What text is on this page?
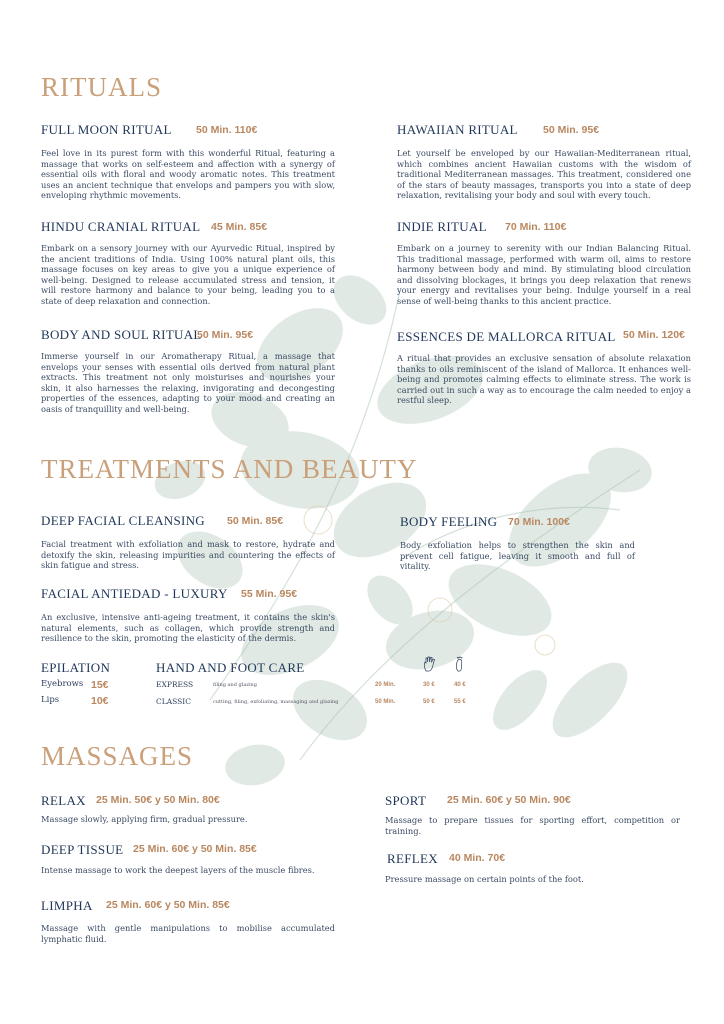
RITUALS
FULL MOON RITUAL 50 Min. 110€

Feel love in its purest form with this wonderful Ritual, featuring a massage that works on self-esteem and affection with a synergy of essential oils with floral and woody aromatic notes. This treatment uses an ancient technique that envelops and pampers you with slow, enveloping rhythmic movements.

HINDU CRANIAL RITUAL 45 Min. 85€

Embark on a sensory journey with our Ayurvedic Ritual, inspired by the ancient traditions of India. Using 100% natural plant oils, this massage focuses on key areas to give you a unique experience of well-being. Designed to release accumulated stress and tension, it will restore harmony and balance to your being, leading you to a state of deep relaxation and connection.

BODY AND SOUL RITUAL
50 Min. 95€

Immerse yourself in our Aromatherapy Ritual, a massage that envelops your senses with essential oils derived from natural plant extracts. This treatment not only moisturises and nourishes your skin, it also harnesses the relaxing, invigorating and decongesting properties of the essences, adapting to your mood and creating an oasis of tranquillity and well-being.

HAWAIIAN RITUAL 50 Min. 95€

Let yourself be enveloped by our Hawaiian-Mediterranean ritual, which combines ancient Hawaiian customs with the wisdom of traditional Mediterranean massages. This treatment, considered one of the stars of beauty massages, transports you into a state of deep relaxation, revitalising your body and soul with every touch.

INDIE RITUAL 70 Min. 110€

Embark on a journey to serenity with our Indian Balancing Ritual. This traditional massage, performed with warm oil, aims to restore harmony between body and mind. By stimulating blood circulation and dissolving blockages, it brings you deep relaxation that renews your energy and revitalises your being. Indulge yourself in a real sense of well-being thanks to this ancient practice.

ESSENCES DE MALLORCA RITUAL 50 Min. 120€

A ritual that provides an exclusive sensation of absolute relaxation thanks to oils reminiscent of the island of Mallorca. It enhances well-being and promotes calming effects to eliminate stress. The work is carried out in such a way as to encourage the calm needed to enjoy a restful sleep.

TREATMENTS AND BEAUTY
DEEP FACIAL CLEANSING 50 Min. 85€

Facial treatment with exfoliation and mask to restore, hydrate and detoxify the skin, releasing impurities and countering the effects of skin fatigue and stress.

FACIAL ANTIEDAD - LUXURY 55 Min. 95€

An exclusive, intensive anti-ageing treatment, it contains the skin's natural elements, such as collagen, which provide strength and resilience to the skin, promoting the elasticity of the dermis.

BODY FEELING 70 Min. 100€

Body exfoliation helps to strengthen the skin and prevent cell fatigue, leaving it smooth and full of vitality.

EPILATION
Eyebrows 15€
Lips	10€
HAND AND FOOT CARE
EXPRESS	filing and glazing	20 Min.	30 €	40 €
CLASSIC	cutting, filing, exfoliating, massaging and glazing	50 Min.	50 €	55 €
MASSAGES
RELAX 25 Min. 50€ y 50 Min. 80€

Massage slowly, applying firm, gradual pressure.

DEEP TISSUE 25 Min. 60€ y 50 Min. 85€

Intense massage to work the deepest layers of the muscle fibres.

LIMPHA 25 Min. 60€ y 50 Min. 85€

Massage with gentle manipulations to mobilise accumulated lymphatic fluid.

SPORT 25 Min. 60€ y 50 Min. 90€

Massage to prepare tissues for sporting effort, competition or training.

REFLEX 40 Min. 70€

Pressure massage on certain points of the foot.
